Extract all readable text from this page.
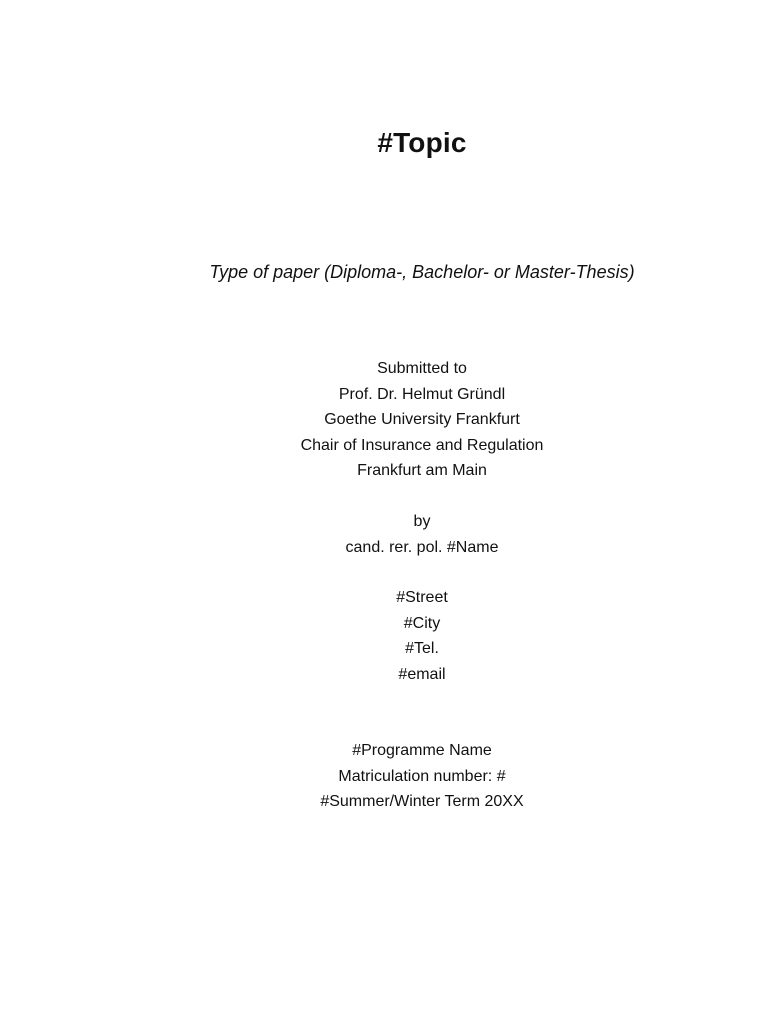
#Topic
Type of paper (Diploma-, Bachelor- or Master-Thesis)
Submitted to
Prof. Dr. Helmut Gründl
Goethe University Frankfurt
Chair of Insurance and Regulation
Frankfurt am Main
by
cand. rer. pol. #Name
#Street
#City
#Tel.
#email
#Programme Name
Matriculation number: #
#Summer/Winter Term 20XX
